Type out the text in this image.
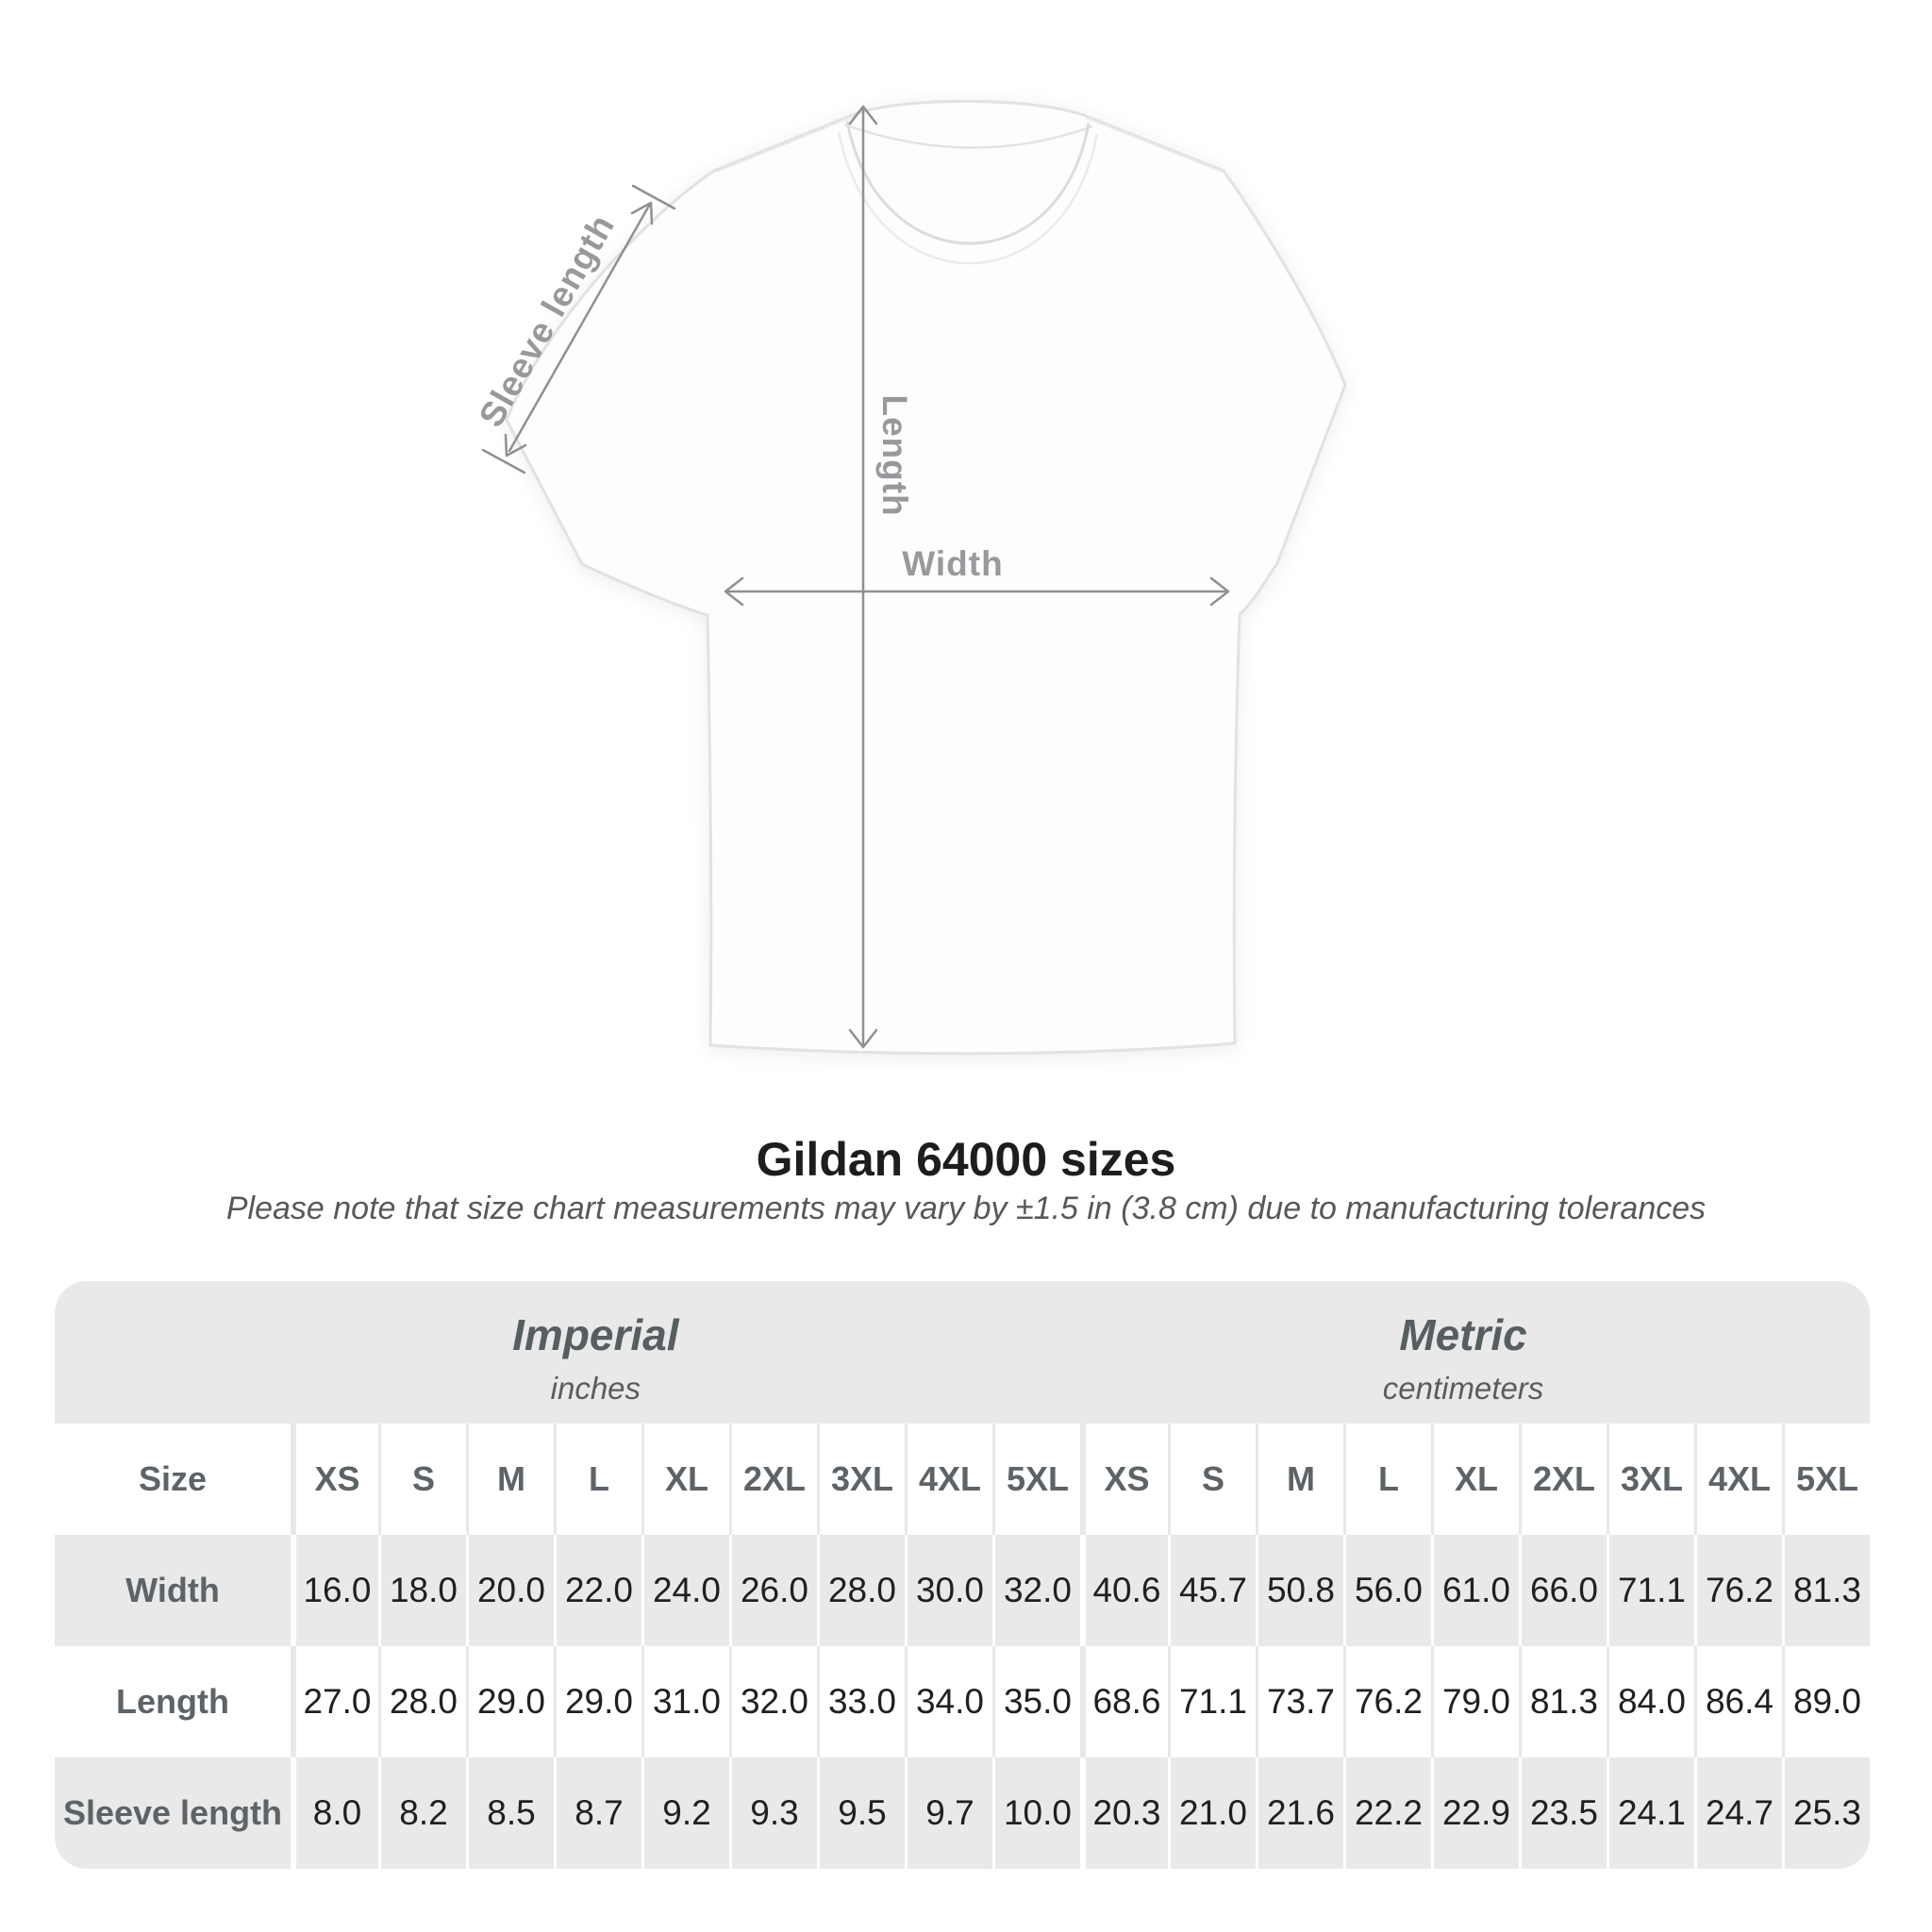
Sleeve length
Length
Width
Gildan 64000 sizes
Please note that size chart measurements may vary by ±1.5 in (3.8 cm) due to manufacturing tolerances
Imperial
inches
Metric
centimeters
Size	XS	S	M	L	XL	2XL 3XL 4XL 5XL	XS	S	M	L	XL	2XL 3XL 4XL 5XL
Width	16.0 18.0 20.0 22.0 24.0 26.0 28.0 30.0 32.0 40.6 45.7 50.8 56.0 61.0 66.0 71.1 76.2 81.3
Length	27.0 28.0 29.0 29.0 31.0 32.0 33.0 34.0 35.0 68.6 71.1 73.7 76.2 79.0 81.3 84.0 86.4 89.0
Sleeve length 8.0	8.2	8.5	8.7	9.2	9.3	9.5	9.7 10.0 20.3 21.0 21.6 22.2 22.9 23.5 24.1 24.7 25.3
